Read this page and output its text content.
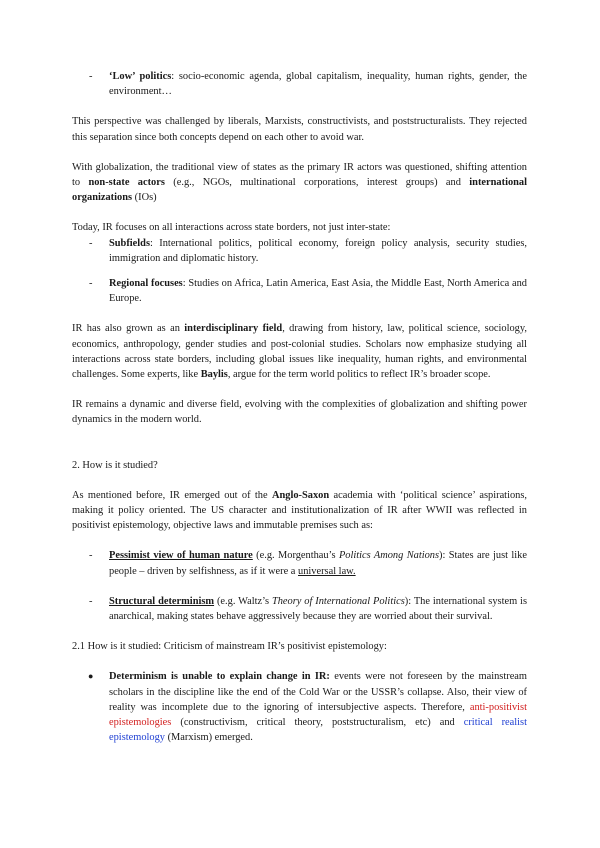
- ‘Low’ politics: socio-economic agenda, global capitalism, inequality, human rights, gender, the environment…

This perspective was challenged by liberals, Marxists, constructivists, and poststructuralists. They rejected this separation since both concepts depend on each other to avoid war.

With globalization, the traditional view of states as the primary IR actors was questioned, shifting attention to non-state actors (e.g., NGOs, multinational corporations, interest groups) and international organizations (IOs)

Today, IR focuses on all interactions across state borders, not just inter-state:

- Subfields: International politics, political economy, foreign policy analysis, security studies, immigration and diplomatic history.
- Regional focuses: Studies on Africa, Latin America, East Asia, the Middle East, North America and Europe.

IR has also grown as an interdisciplinary field, drawing from history, law, political science, sociology, economics, anthropology, gender studies and post-colonial studies. Scholars now emphasize studying all interactions across state borders, including global issues like inequality, human rights, and environmental challenges. Some experts, like Baylis, argue for the term world politics to reflect IR’s broader scope.

IR remains a dynamic and diverse field, evolving with the complexities of globalization and shifting power dynamics in the modern world.

2. How is it studied?

As mentioned before, IR emerged out of the Anglo-Saxon academia with ‘political science’ aspirations, making it policy oriented. The US character and institutionalization of IR after WWII was reflected in positivist epistemology, objective laws and immutable premises such as:

- Pessimist view of human nature (e.g. Morgenthau’s Politics Among Nations): States are just like people – driven by selfishness, as if it were a universal law.
- Structural determinism (e.g. Waltz’s Theory of International Politics): The international system is anarchical, making states behave aggressively because they are worried about their survival.

2.1 How is it studied: Criticism of mainstream IR’s positivist epistemology:

● Determinism is unable to explain change in IR: events were not foreseen by the mainstream scholars in the discipline like the end of the Cold War or the USSR’s collapse. Also, their view of reality was incomplete due to the ignoring of intersubjective aspects. Therefore, anti-positivist epistemologies (constructivism, critical theory, poststructuralism, etc) and critical realist epistemology (Marxism) emerged.
